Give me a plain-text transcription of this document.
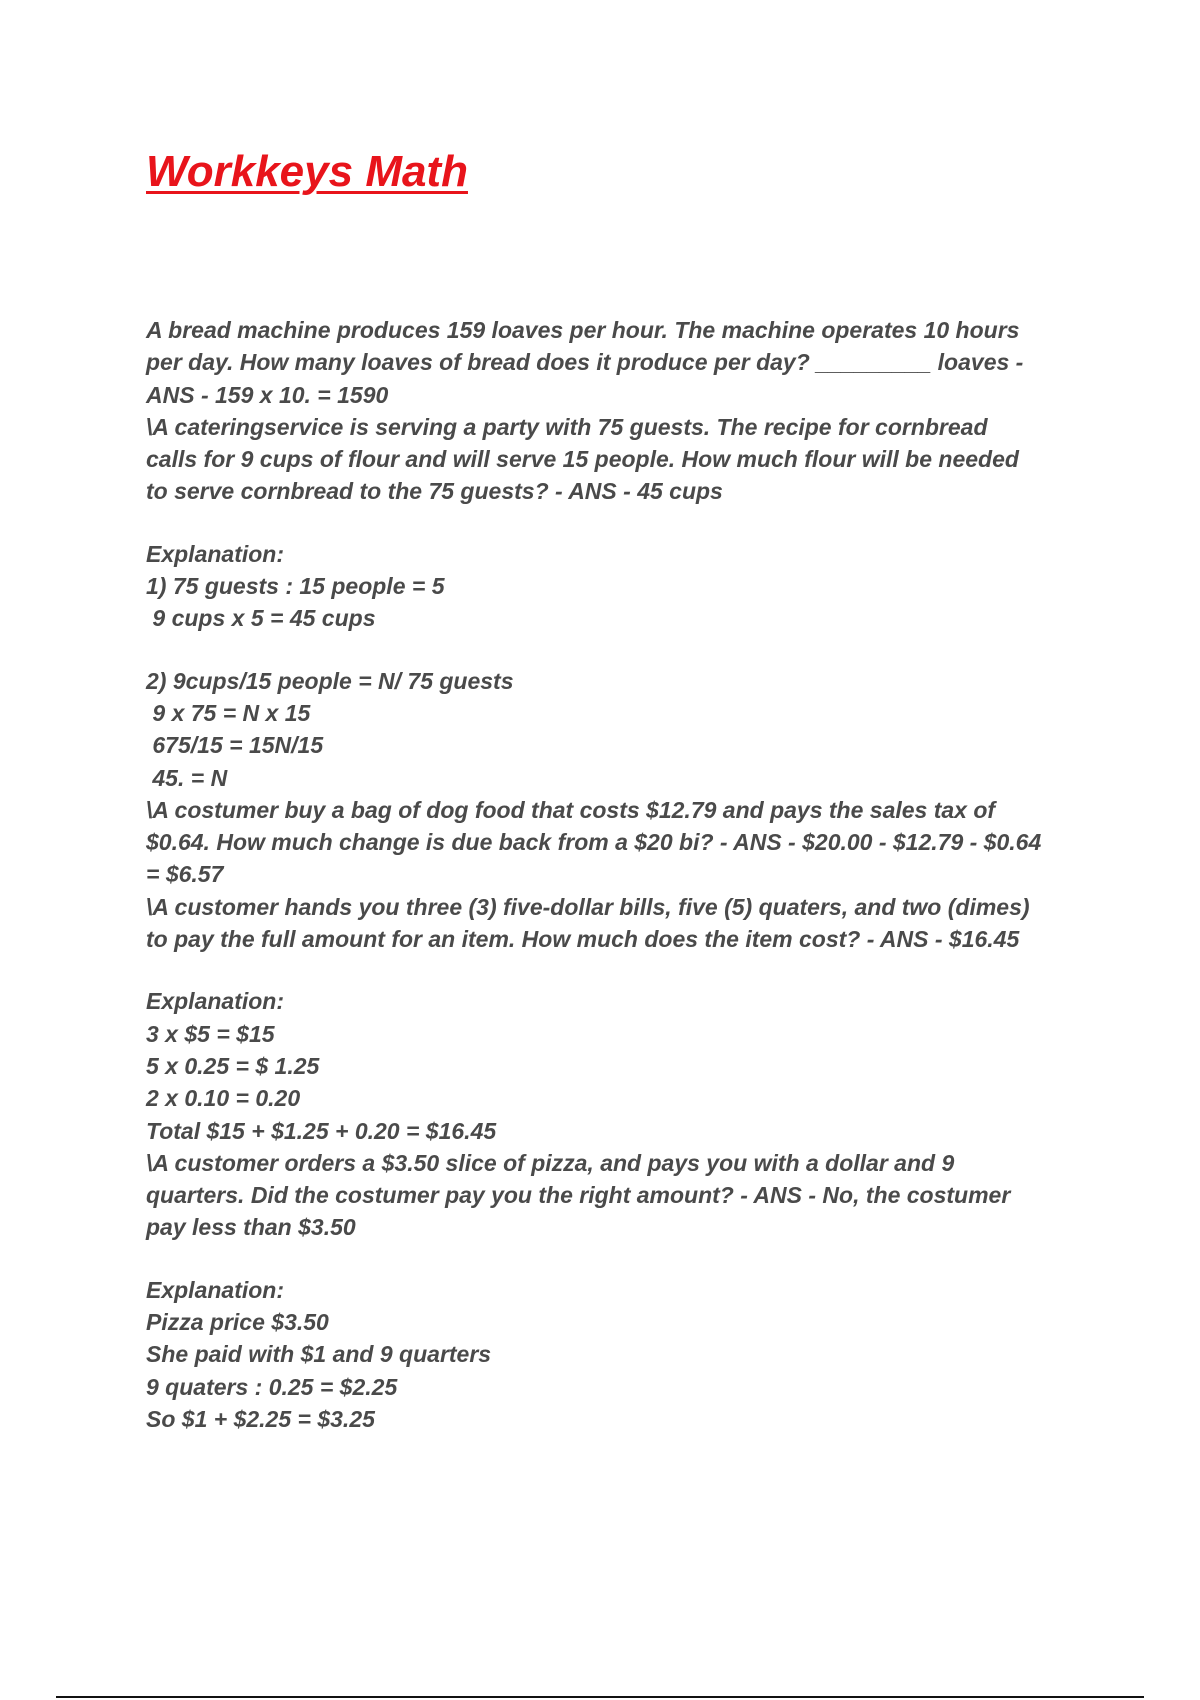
Workkeys Math
A bread machine produces 159 loaves per hour. The machine operates 10 hours
per day. How many loaves of bread does it produce per day? _________ loaves -
ANS - 159 x 10. = 1590
\A cateringservice is serving a party with 75 guests. The recipe for cornbread
calls for 9 cups of flour and will serve 15 people. How much flour will be needed
to serve cornbread to the 75 guests? - ANS - 45 cups
Explanation:
1) 75 guests : 15 people = 5
9 cups x 5 = 45 cups
2) 9cups/15 people = N/ 75 guests
9 x 75 = N x 15
675/15 = 15N/15
45. = N
\A costumer buy a bag of dog food that costs $12.79 and pays the sales tax of
$0.64. How much change is due back from a $20 bi? - ANS - $20.00 - $12.79 - $0.64
= $6.57
\A customer hands you three (3) five-dollar bills, five (5) quaters, and two (dimes)
to pay the full amount for an item. How much does the item cost? - ANS - $16.45
Explanation:
3 x $5 = $15
5 x 0.25 = $ 1.25
2 x 0.10 = 0.20
Total $15 + $1.25 + 0.20 = $16.45
\A customer orders a $3.50 slice of pizza, and pays you with a dollar and 9
quarters. Did the costumer pay you the right amount? - ANS - No, the costumer
pay less than $3.50
Explanation:
Pizza price $3.50
She paid with $1 and 9 quarters
9 quaters : 0.25 = $2.25
So $1 + $2.25 = $3.25
